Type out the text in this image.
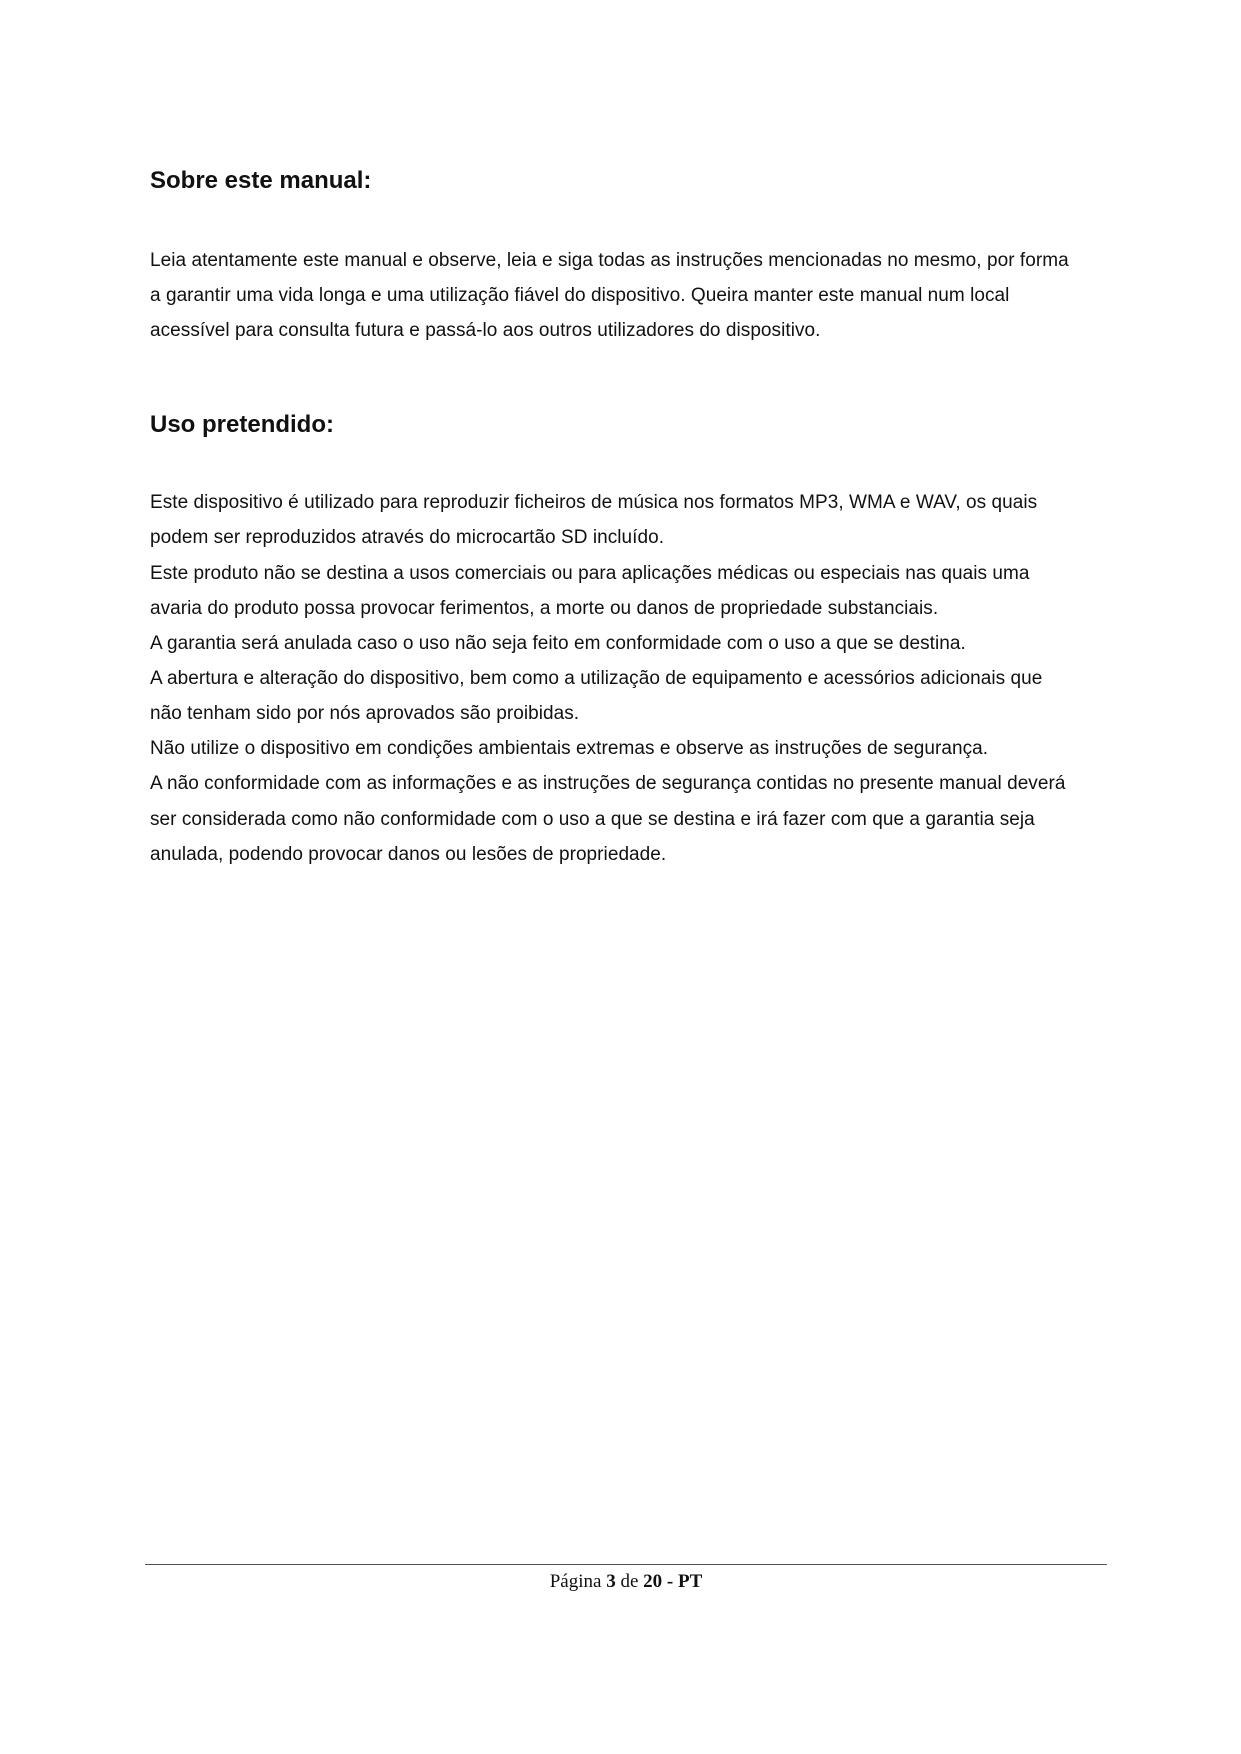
Sobre este manual:

Leia atentamente este manual e observe, leia e siga todas as instruções mencionadas no mesmo, por forma

a garantir uma vida longa e uma utilização fiável do dispositivo. Queira manter este manual num local

acessível para consulta futura e passá-lo aos outros utilizadores do dispositivo.

Uso pretendido:

Este dispositivo é utilizado para reproduzir ficheiros de música nos formatos MP3, WMA e WAV, os quais

podem ser reproduzidos através do microcartão SD incluído.

Este produto não se destina a usos comerciais ou para aplicações médicas ou especiais nas quais uma

avaria do produto possa provocar ferimentos, a morte ou danos de propriedade substanciais.

A garantia será anulada caso o uso não seja feito em conformidade com o uso a que se destina.

A abertura e alteração do dispositivo, bem como a utilização de equipamento e acessórios adicionais que

não tenham sido por nós aprovados são proibidas.

Não utilize o dispositivo em condições ambientais extremas e observe as instruções de segurança.

A não conformidade com as informações e as instruções de segurança contidas no presente manual deverá

ser considerada como não conformidade com o uso a que se destina e irá fazer com que a garantia seja

anulada, podendo provocar danos ou lesões de propriedade.

Página 3 de 20 - PT
